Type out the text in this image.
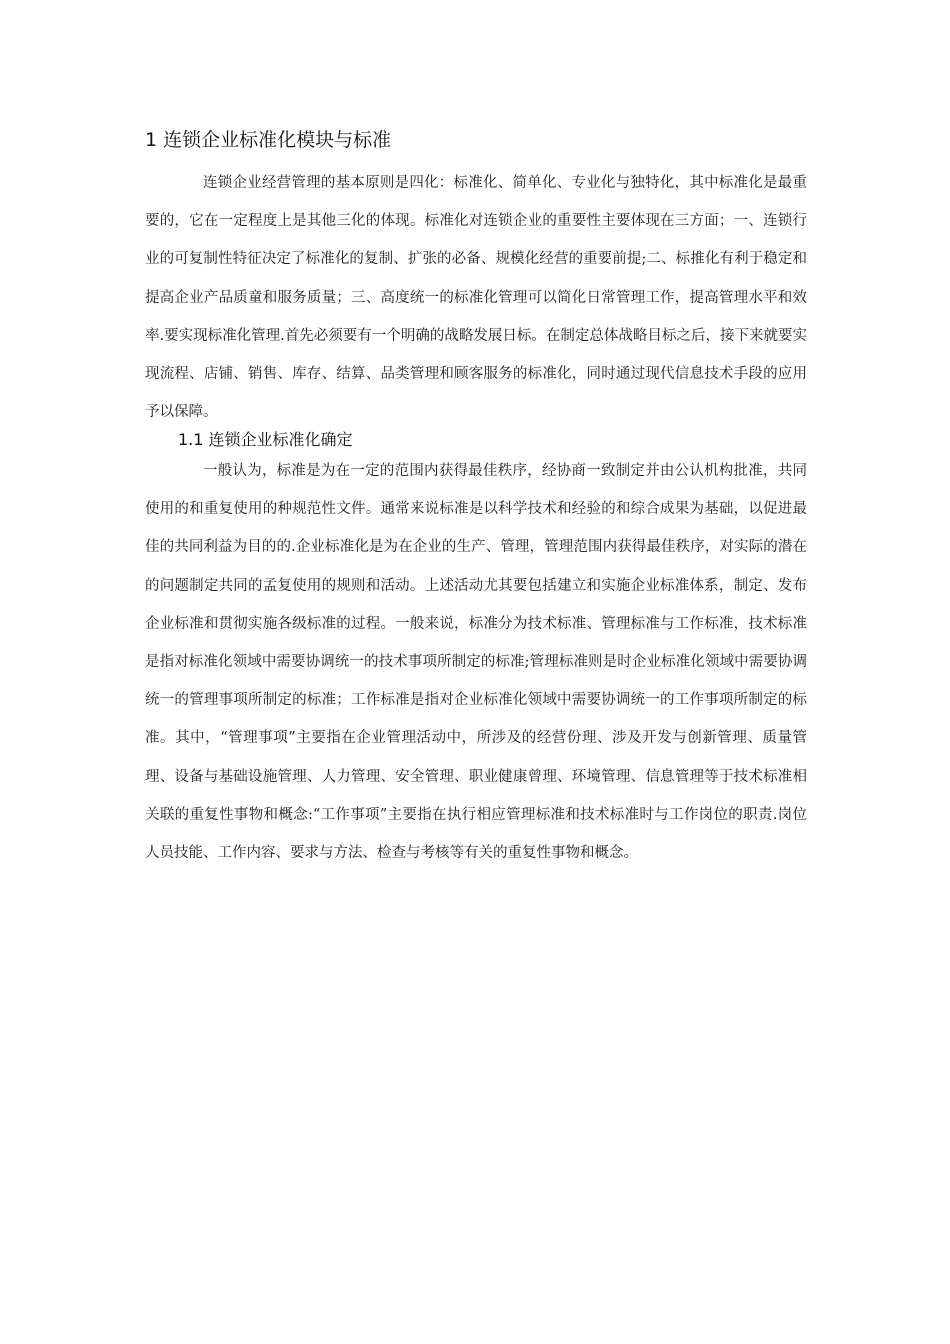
1 连锁企业标准化模块与标准
连锁企业经营管理的基本原则是四化：标准化、简单化、专业化与独特化，其中标准化是最重要的，它在一定程度上是其他三化的体现。标准化对连锁企业的重要性主要体现在三方面；一、连锁行业的可复制性特征决定了标准化的复制、扩张的必备、规模化经营的重要前提;二、标推化有利于稳定和提高企业产品质童和服务质量；三、高度统一的标准化管理可以简化日常管理工作，提高管理水平和效率.要实现标准化管理.首先必须要有一个明确的战略发展日标。在制定总体战略目标之后，接下来就要实现流程、店铺、销售、库存、结算、品类管理和顾客服务的标准化，同时通过现代信息技术手段的应用予以保障。
1.1 连锁企业标准化确定
一般认为，标准是为在一定的范围内获得最佳秩序，经协商一致制定并由公认机构批准，共同使用的和重复使用的种规范性文件。通常来说标准是以科学技术和经验的和综合成果为基础，以促进最佳的共同利益为目的的.企业标准化是为在企业的生产、管理，管理范围内获得最佳秩序，对实际的潜在的问题制定共同的孟复使用的规则和活动。上述活动尤其要包括建立和实施企业标准体系，制定、发布企业标准和贯彻实施各级标准的过程。一般来说，标准分为技术标准、管理标准与工作标准，技术标准是指对标准化领域中需要协调统一的技术事项所制定的标准;管理标准则是时企业标准化领域中需要协调统一的管理事项所制定的标准；工作标准是指对企业标准化领域中需要协调统一的工作事项所制定的标准。其中，“管理事项”主要指在企业管理活动中，所涉及的经营份理、涉及开发与创新管理、质量管理、设备与基础设施管理、人力管理、安全管理、职业健康曾理、环境管理、信息管理等于技术标准相关联的重复性事物和概念:“工作事项”主要指在执行相应管理标准和技术标准时与工作岗位的职责.岗位人员技能、工作内容、要求与方法、检查与考核等有关的重复性事物和概念。
